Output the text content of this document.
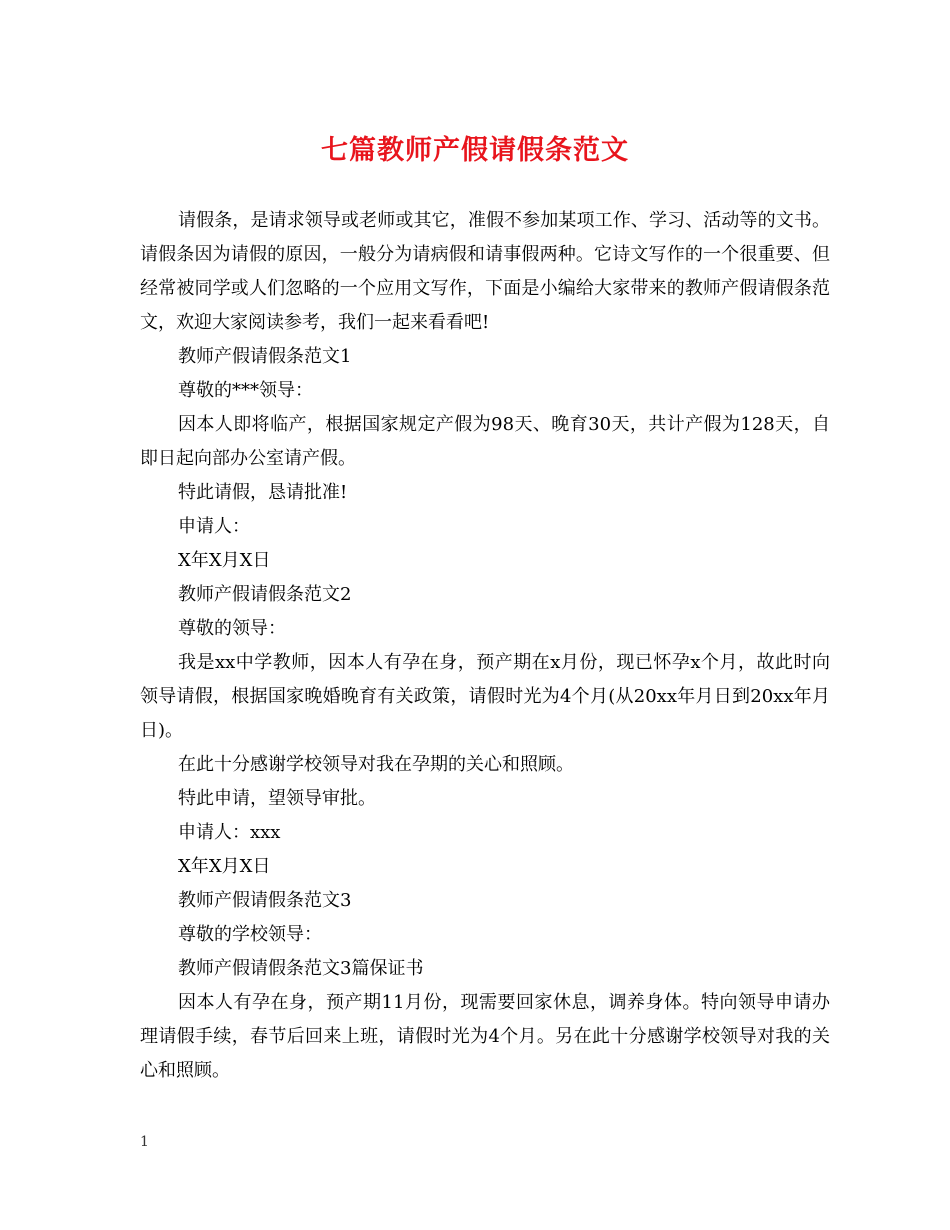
七篇教师产假请假条范文

请假条，是请求领导或老师或其它，准假不参加某项工作、学习、活动等的文书。请假条因为请假的原因，一般分为请病假和请事假两种。它诗文写作的一个很重要、但经常被同学或人们忽略的一个应用文写作，下面是小编给大家带来的教师产假请假条范文，欢迎大家阅读参考，我们一起来看看吧!

教师产假请假条范文1

尊敬的***领导：

因本人即将临产，根据国家规定产假为98天、晚育30天，共计产假为128天，自即日起向部办公室请产假。

特此请假，恳请批准!

申请人：

X年X月X日

教师产假请假条范文2

尊敬的领导：

我是xx中学教师，因本人有孕在身，预产期在x月份，现已怀孕x个月，故此时向领导请假，根据国家晚婚晚育有关政策，请假时光为4个月(从20xx年月日到20xx年月日)。

在此十分感谢学校领导对我在孕期的关心和照顾。

特此申请，望领导审批。

申请人：xxx

X年X月X日

教师产假请假条范文3

尊敬的学校领导：

教师产假请假条范文3篇保证书

因本人有孕在身，预产期11月份，现需要回家休息，调养身体。特向领导申请办理请假手续，春节后回来上班，请假时光为4个月。另在此十分感谢学校领导对我的关心和照顾。

1
